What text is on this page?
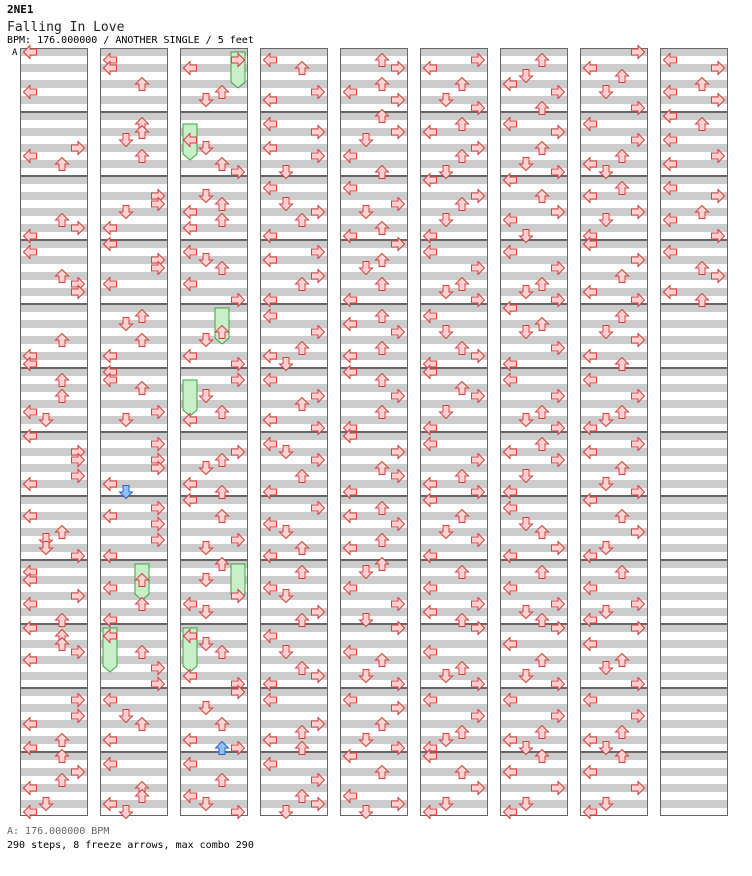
2NE1
Falling In Love
BPM: 176.000000 / ANOTHER SINGLE / 5 feet
A
A: 176.000000 BPM
290 steps, 8 freeze arrows, max combo 290
